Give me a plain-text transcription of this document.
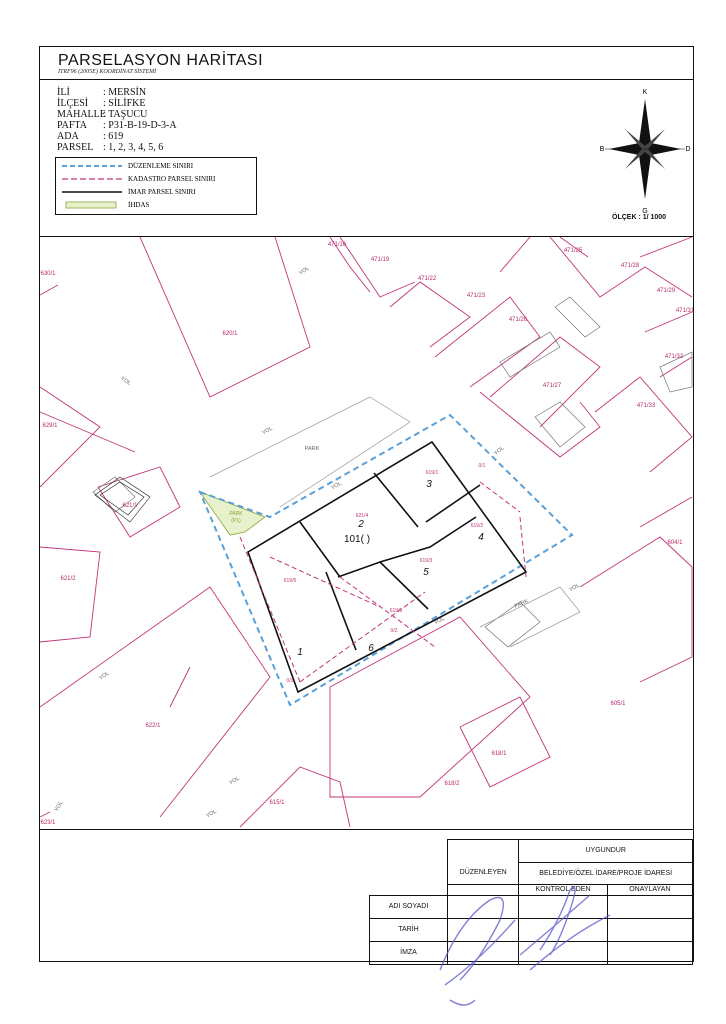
PARSELASYON HARİTASI
ITRF96 (2005E) KOORDİNAT SİSTEMİ
İLİ	: MERSİN
İLÇESİ	: SİLİFKE
MAHALLE
: TAŞUCU
PAFTA	: P31-B-19-D-3-A
ADA	: 619
PARSEL : 1, 2, 3, 4, 5, 6
DÜZENLEME SINIRI
KADASTRO PARSEL SINIRI
İMAR PARSEL SINIRI
İHDAS
K
G
B	D
ÖLÇEK : 1/ 1000
630/1
620/1
629/1
621/1
621/2
622/1
623/1
615/1
471/16
471/19
471/22
471/23
471/26
471/25
471/28
471/29
471/31
471/32
471/33
471/27
604/1
605/1
618/1
618/2
YOL
YOL
YOL
YOL
YOL
YOL
YOL
YOL
YOL
YOL
YOL
PARK
PARK
619/1
621/4
619/2
619/3
619/5
619/6
0/1
0/2
0/3
PARK
(P1)
1
2
3
4
5
6
101( )
		UYGUNDUR	
	DÜZENLEYEN	BELEDİYE/ÖZEL İDARE/PROJE İDARESİ	
		KONTROL EDEN	ONAYLAYAN
ADI SOYADI			
TARİH			
İMZA			
